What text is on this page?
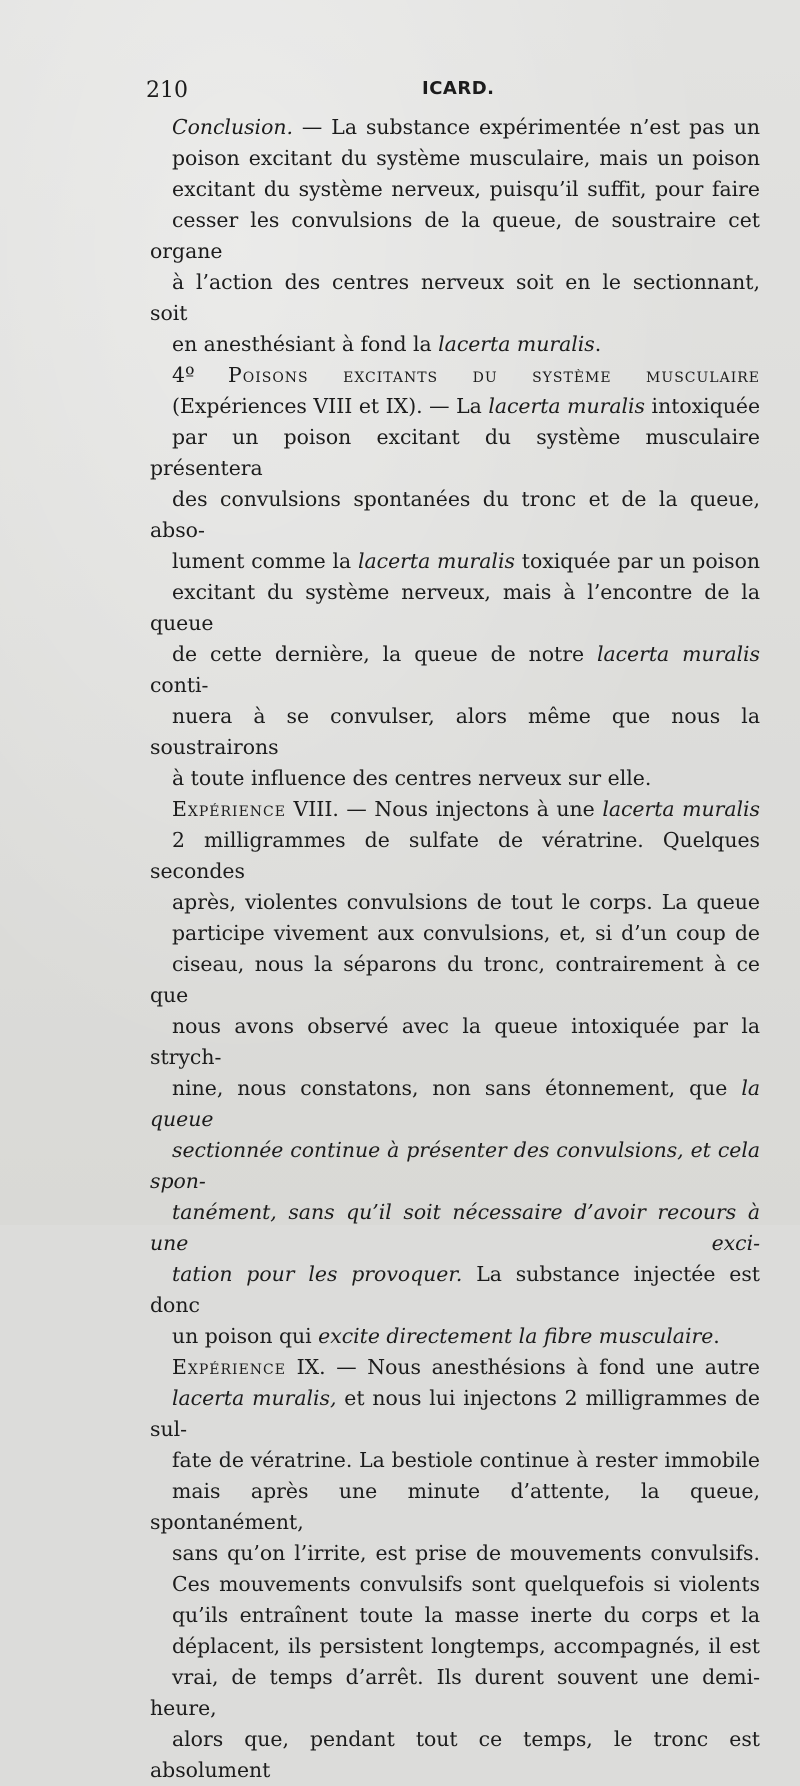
210	ICARD.
Conclusion. — La substance expérimentée n’est pas un
poison excitant du système musculaire, mais un poison
excitant du système nerveux, puisqu’il suffit, pour faire
cesser les convulsions de la queue, de soustraire cet organe
à l’action des centres nerveux soit en le sectionnant, soit
en anesthésiant à fond la lacerta muralis.
4º Poisons excitants du système musculaire
(Expériences VIII et IX). — La lacerta muralis intoxiquée
par un poison excitant du système musculaire présentera
des convulsions spontanées du tronc et de la queue, abso-
lument comme la lacerta muralis toxiquée par un poison
excitant du système nerveux, mais à l’encontre de la queue
de cette dernière, la queue de notre lacerta muralis conti-
nuera à se convulser, alors même que nous la soustrairons
à toute influence des centres nerveux sur elle.
Expérience VIII. — Nous injectons à une lacerta muralis
2 milligrammes de sulfate de vératrine. Quelques secondes
après, violentes convulsions de tout le corps. La queue
participe vivement aux convulsions, et, si d’un coup de
ciseau, nous la séparons du tronc, contrairement à ce que
nous avons observé avec la queue intoxiquée par la strych-
nine, nous constatons, non sans étonnement, que la queue
sectionnée continue à présenter des convulsions, et cela spon-
tanément, sans qu’il soit nécessaire d’avoir recours à une exci-
tation pour les provoquer. La substance injectée est donc
un poison qui excite directement la fibre musculaire.
Expérience IX. — Nous anesthésions à fond une autre
lacerta muralis, et nous lui injectons 2 milligrammes de sul-
fate de vératrine. La bestiole continue à rester immobile
mais après une minute d’attente, la queue, spontanément,
sans qu’on l’irrite, est prise de mouvements convulsifs.
Ces mouvements convulsifs sont quelquefois si violents
qu’ils entraînent toute la masse inerte du corps et la
déplacent, ils persistent longtemps, accompagnés, il est
vrai, de temps d’arrêt. Ils durent souvent une demi-heure,
alors que, pendant tout ce temps, le tronc est absolument
